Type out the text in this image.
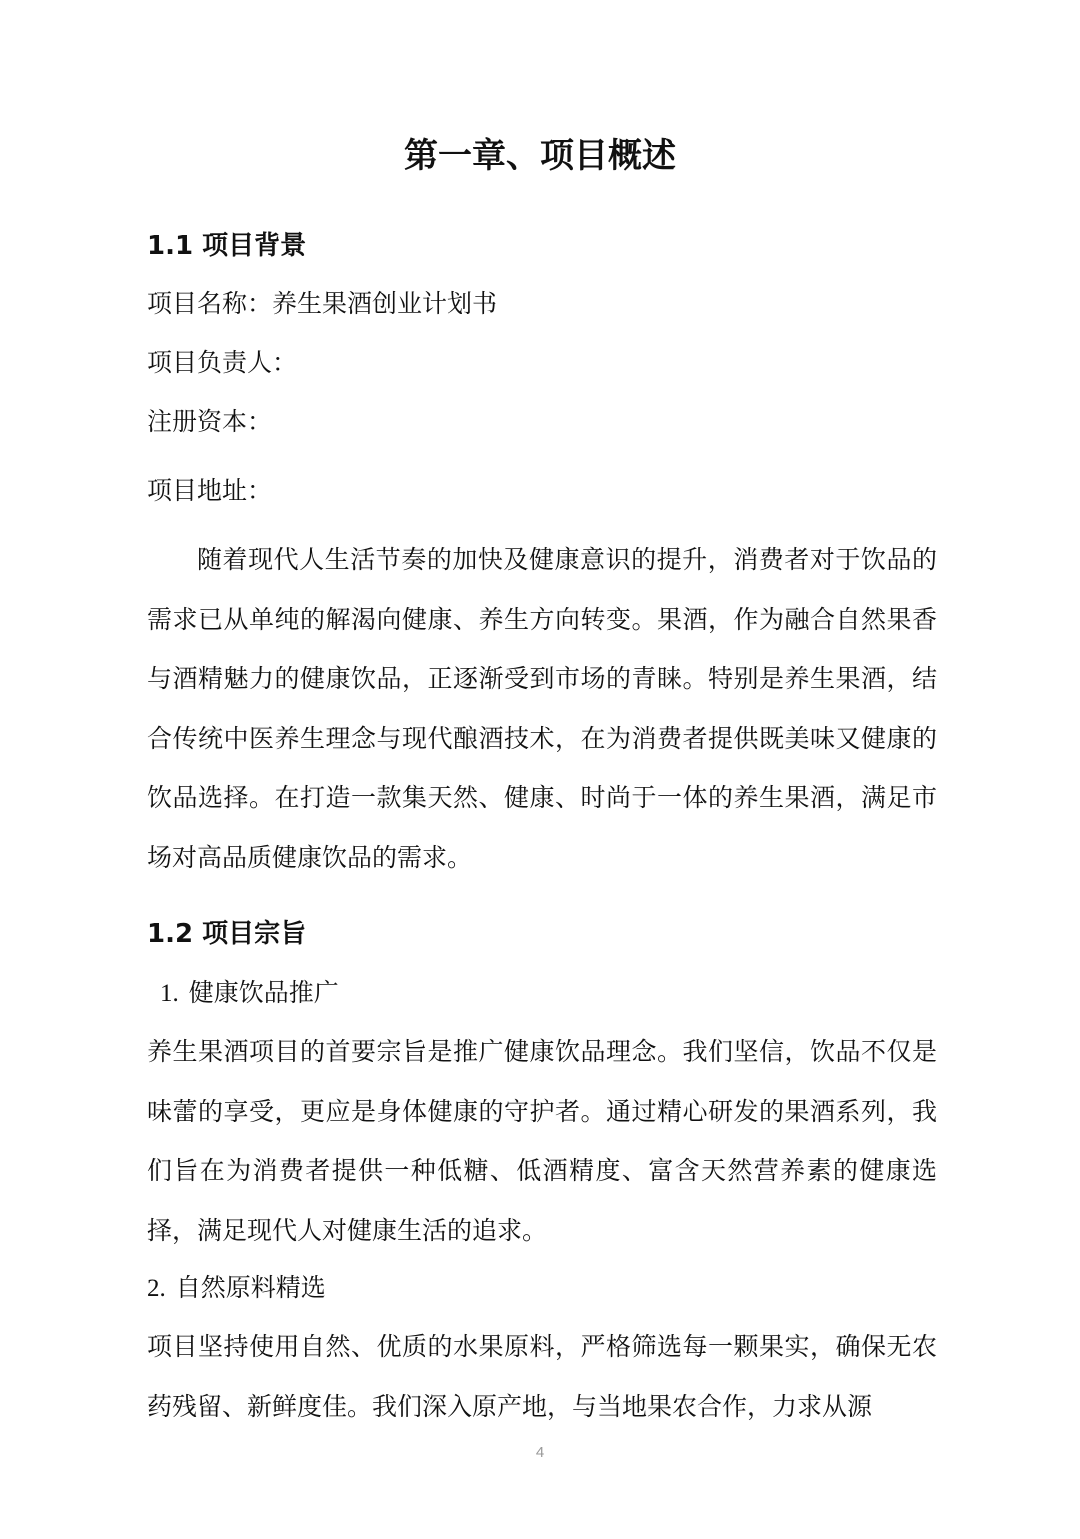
第一章、项目概述
1.1 项目背景

项目名称：养生果酒创业计划书

项目负责人：

注册资本：

项目地址：

随着现代人生活节奏的加快及健康意识的提升，消费者对于饮品的需求已从单纯的解渴向健康、养生方向转变。果酒，作为融合自然果香与酒精魅力的健康饮品，正逐渐受到市场的青睐。特别是养生果酒，结合传统中医养生理念与现代酿酒技术，在为消费者提供既美味又健康的饮品选择。在打造一款集天然、健康、时尚于一体的养生果酒，满足市场对高品质健康饮品的需求。

1.2 项目宗旨

1. 健康饮品推广

养生果酒项目的首要宗旨是推广健康饮品理念。我们坚信，饮品不仅是味蕾的享受，更应是身体健康的守护者。通过精心研发的果酒系列，我们旨在为消费者提供一种低糖、低酒精度、富含天然营养素的健康选择，满足现代人对健康生活的追求。

2. 自然原料精选

项目坚持使用自然、优质的水果原料，严格筛选每一颗果实，确保无农药残留、新鲜度佳。我们深入原产地，与当地果农合作，力求从源

4
